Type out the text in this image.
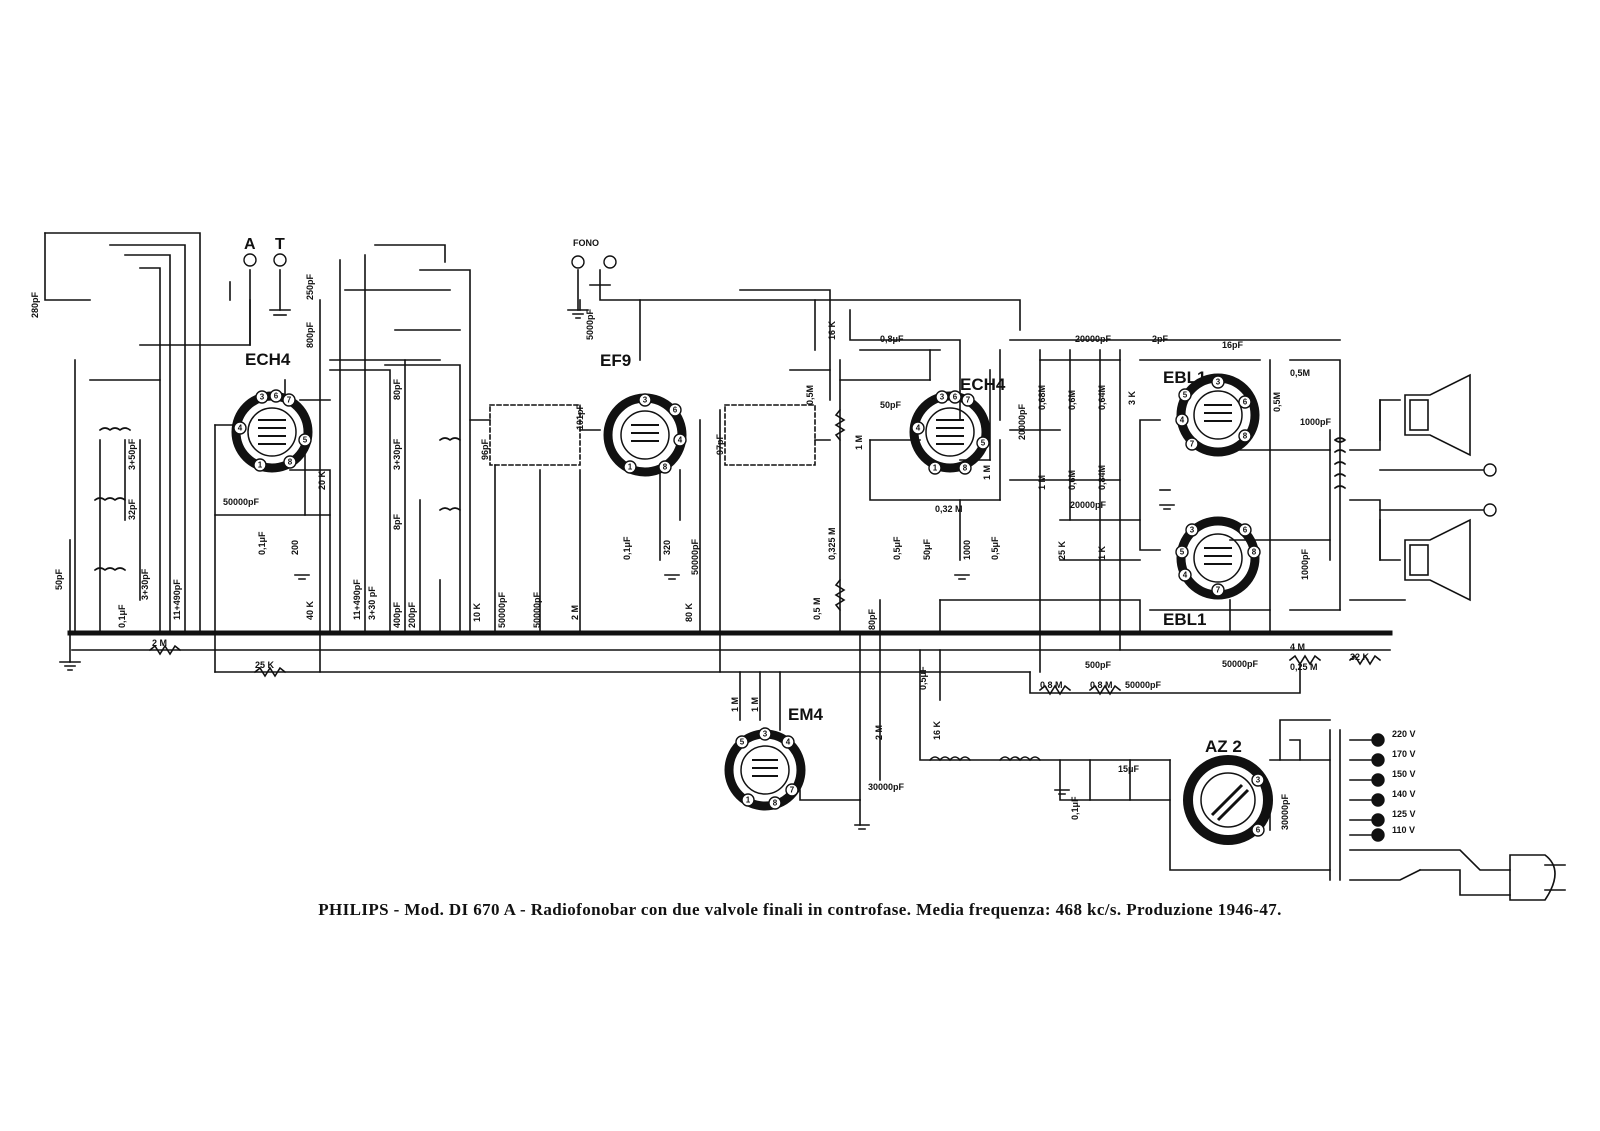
3 6 7
4
5
1	8
3
6
4
8
1
3 6 7
4
5
1	8
3
5
4
7
8
6
3	6
5	8
4
7
3
5	4
1	8
7
3
6
ECH4	EF9
ECH4	EBL1
EBL1
EM4
AZ 2
A T	FONO
280pF
250pF
800pF
80pF
3+50pF
32pF
3+30pF
50pF
0,1μF	11+490pF
50000pF
0,1μF	200
20 K
40 K
3+30pF
8pF
11+490pF 3+30 pF 400pF 200pF	10 K 50000pF	50000pF	2 M
96pF
101pF
5000pF
0,1μF	320 50000pF
80 K
97pF
0,5M
16 K	0,8μF
50pF
1 M
0,325 M
0,5 M	80pF
0,5μF 50μF	1000 0,5μF
0,32 M
1 M
20000pF
20000pF
20000pF
2pF
16pF
0,5M
0,5M
0,68M 0,6M 0,64M 3 K
1 M 0,6M 0,84M
25 K	1 K
1000pF
1000pF
2 M
25 K	500pF
0,8 M	0,8 M 50000pF
50000pF
4 M
0,25 M
32 K
1 M 1 M
0,5μF
16 K
2 M
30000pF
0,1μF
15μF
30000pF
220 V
170 V
150 V
140 V
125 V
110 V
PHILIPS - Mod. DI 670 A - Radiofonobar con due valvole finali in controfase. Media frequenza: 468 kc/s. Produzione 1946-47.
